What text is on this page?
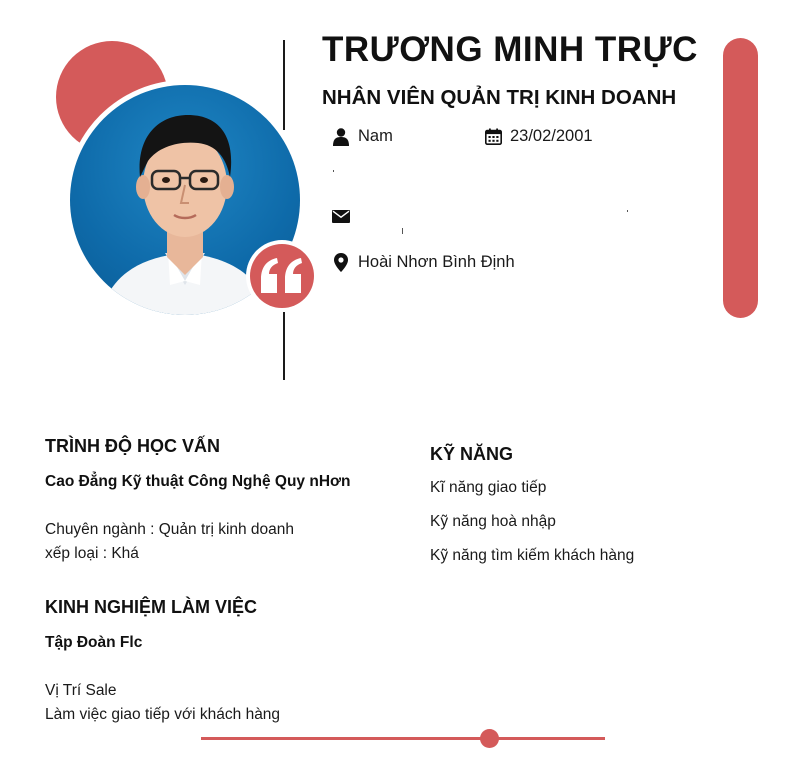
TRƯƠNG MINH TRỰC
NHÂN VIÊN QUẢN TRỊ KINH DOANH
Nam	23/02/2001
Hoài Nhơn Bình Định
TRÌNH ĐỘ HỌC VẤN
Cao Đẳng Kỹ thuật Công Nghệ Quy nHơn
Chuyên ngành : Quản trị kinh doanh
xếp loại : Khá
KINH NGHIỆM LÀM VIỆC
Tập Đoàn Flc
Vị Trí Sale
Làm việc giao tiếp với khách hàng
KỸ NĂNG
Kĩ năng giao tiếp
Kỹ năng hoà nhập
Kỹ năng tìm kiếm khách hàng
